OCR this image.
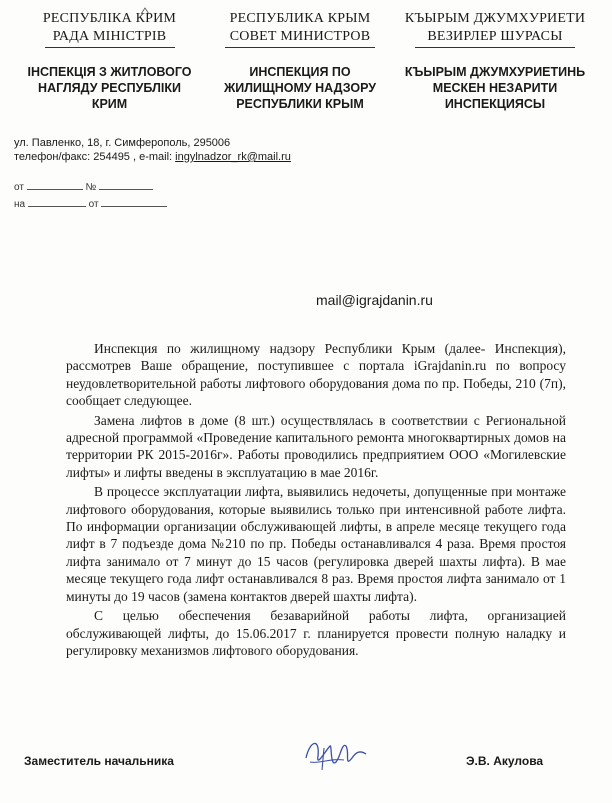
РЕСПУБЛІКА КРИМ
РАДА МІНІСТРІВ
ІНСПЕКЦІЯ З ЖИТЛОВОГО
НАГЛЯДУ РЕСПУБЛІКИ
КРИМ
РЕСПУБЛИКА КРЫМ
СОВЕТ МИНИСТРОВ
ИНСПЕКЦИЯ ПО
ЖИЛИЩНОМУ НАДЗОРУ
РЕСПУБЛИКИ КРЫМ
КЪЫРЫМ ДЖУМХУРИЕТИ
ВЕЗИРЛЕР ШУРАСЫ
КЪЫРЫМ ДЖУМХУРИЕТИНЬ
МЕСКЕН НЕЗАРИТИ
ИНСПЕКЦИЯСЫ
ул. Павленко, 18, г. Симферополь, 295006
телефон/факс: 254495 , e-mail: ingylnadzor_rk@mail.ru
от	№
на	от
mail@igrajdanin.ru

Инспекция по жилищному надзору Республики Крым (далее- Инспекция), рассмотрев Ваше обращение, поступившее с портала iGrajdanin.ru по вопросу неудовлетворительной работы лифтового оборудования дома по пр. Победы, 210 (7п), сообщает следующее.

Замена лифтов в доме (8 шт.) осуществлялась в соответствии с Региональной адресной программой «Проведение капитального ремонта многоквартирных домов на территории РК 2015-2016г». Работы проводились предприятием ООО «Могилевские лифты» и лифты введены в эксплуатацию в мае 2016г.

В процессе эксплуатации лифта, выявились недочеты, допущенные при монтаже лифтового оборудования, которые выявились только при интенсивной работе лифта. По информации организации обслуживающей лифты, в апреле месяце текущего года лифт в 7 подъезде дома №210 по пр. Победы останавливался 4 раза. Время простоя лифта занимало от 7 минут до 15 часов (регулировка дверей шахты лифта). В мае месяце текущего года лифт останавливался 8 раз. Время простоя лифта занимало от 1 минуты до 19 часов (замена контактов дверей шахты лифта).

С целью обеспечения безаварийной работы лифта, организацией обслуживающей лифты, до 15.06.2017 г. планируется провести полную наладку и регулировку механизмов лифтового оборудования.

Заместитель начальника	Э.В. Акулова
